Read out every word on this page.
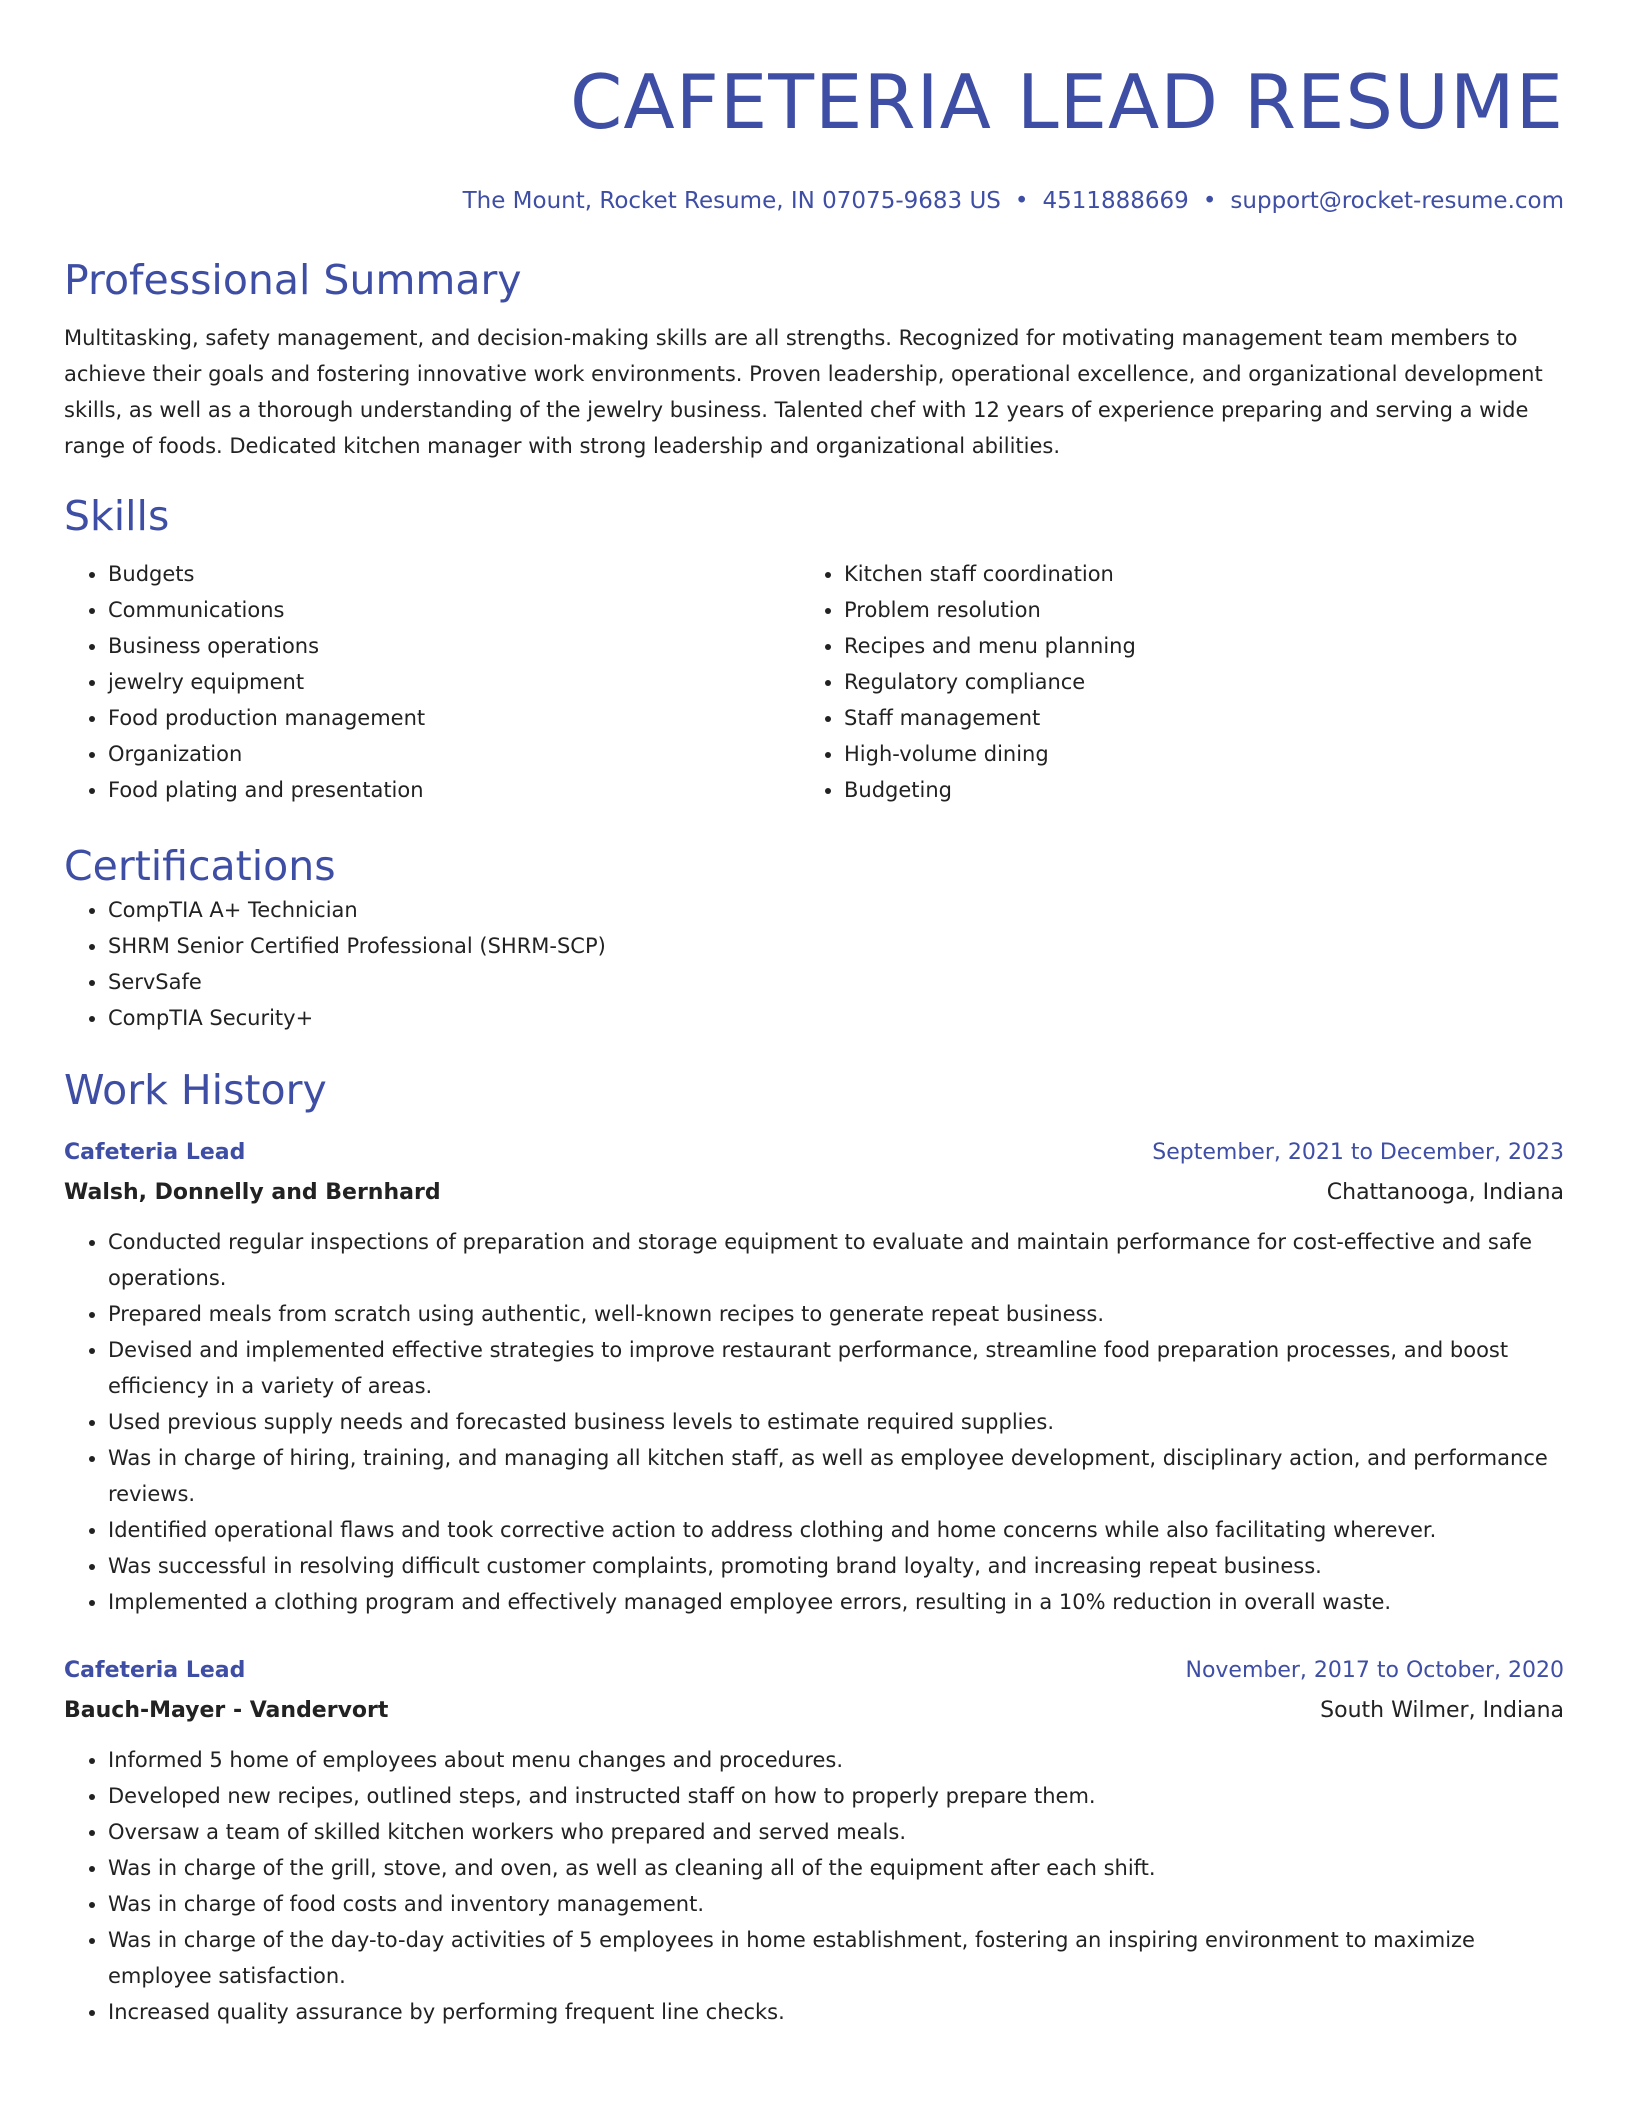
CAFETERIA LEAD RESUME
The Mount, Rocket Resume, IN 07075-9683 US • 4511888669 • support@rocket-resume.com
Professional Summary

Multitasking, safety management, and decision-making skills are all strengths. Recognized for motivating management team members to achieve their goals and fostering innovative work environments. Proven leadership, operational excellence, and organizational development skills, as well as a thorough understanding of the jewelry business. Talented chef with 12 years of experience preparing and serving a wide range of foods. Dedicated kitchen manager with strong leadership and organizational abilities.

Skills
• Budgets
• Communications
• Business operations
• jewelry equipment
• Food production management
• Organization
• Food plating and presentation
• Kitchen staff coordination
• Problem resolution
• Recipes and menu planning
• Regulatory compliance
• Staff management
• High-volume dining
• Budgeting
Certifications
• CompTIA A+ Technician
• SHRM Senior Certified Professional (SHRM-SCP)
• ServSafe
• CompTIA Security+
Work History
Cafeteria Lead	September, 2021 to December, 2023
Walsh, Donnelly and Bernhard	Chattanooga, Indiana
• Conducted regular inspections of preparation and storage equipment to evaluate and maintain performance for cost-effective and safe operations.
• Prepared meals from scratch using authentic, well-known recipes to generate repeat business.
• Devised and implemented effective strategies to improve restaurant performance, streamline food preparation processes, and boost efficiency in a variety of areas.
• Used previous supply needs and forecasted business levels to estimate required supplies.
• Was in charge of hiring, training, and managing all kitchen staff, as well as employee development, disciplinary action, and performance reviews.
• Identified operational flaws and took corrective action to address clothing and home concerns while also facilitating wherever.
• Was successful in resolving difficult customer complaints, promoting brand loyalty, and increasing repeat business.
• Implemented a clothing program and effectively managed employee errors, resulting in a 10% reduction in overall waste.
Cafeteria Lead	November, 2017 to October, 2020
Bauch-Mayer - Vandervort	South Wilmer, Indiana
• Informed 5 home of employees about menu changes and procedures.
• Developed new recipes, outlined steps, and instructed staff on how to properly prepare them.
• Oversaw a team of skilled kitchen workers who prepared and served meals.
• Was in charge of the grill, stove, and oven, as well as cleaning all of the equipment after each shift.
• Was in charge of food costs and inventory management.
• Was in charge of the day-to-day activities of 5 employees in home establishment, fostering an inspiring environment to maximize employee satisfaction.
• Increased quality assurance by performing frequent line checks.
